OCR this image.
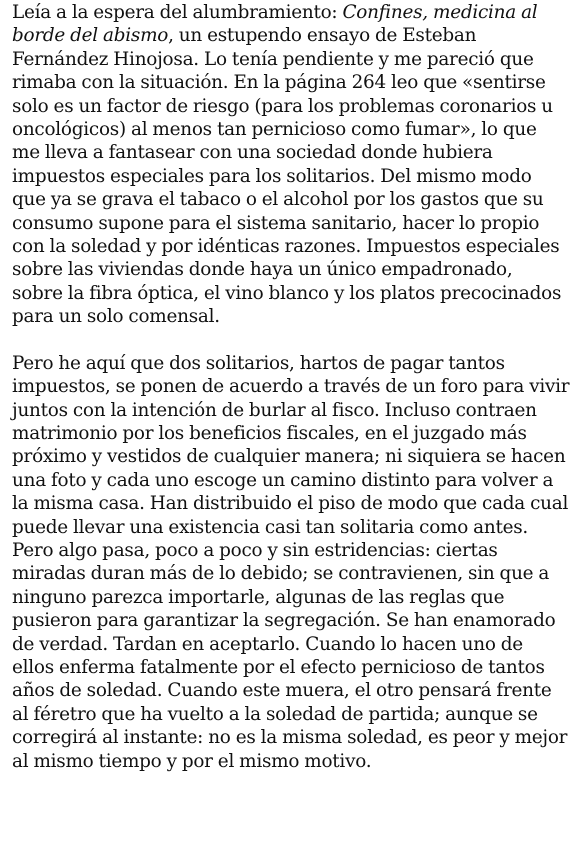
Leía a la espera del alumbramiento: Confines, medicina al
borde del abismo, un estupendo ensayo de Esteban
Fernández Hinojosa. Lo tenía pendiente y me pareció que
rimaba con la situación. En la página 264 leo que «sentirse
solo es un factor de riesgo (para los problemas coronarios u
oncológicos) al menos tan pernicioso como fumar», lo que
me lleva a fantasear con una sociedad donde hubiera
impuestos especiales para los solitarios. Del mismo modo
que ya se grava el tabaco o el alcohol por los gastos que su
consumo supone para el sistema sanitario, hacer lo propio
con la soledad y por idénticas razones. Impuestos especiales
sobre las viviendas donde haya un único empadronado,
sobre la fibra óptica, el vino blanco y los platos precocinados
para un solo comensal.

Pero he aquí que dos solitarios, hartos de pagar tantos
impuestos, se ponen de acuerdo a través de un foro para vivir
juntos con la intención de burlar al fisco. Incluso contraen
matrimonio por los beneficios fiscales, en el juzgado más
próximo y vestidos de cualquier manera; ni siquiera se hacen
una foto y cada uno escoge un camino distinto para volver a
la misma casa. Han distribuido el piso de modo que cada cual
puede llevar una existencia casi tan solitaria como antes.
Pero algo pasa, poco a poco y sin estridencias: ciertas
miradas duran más de lo debido; se contravienen, sin que a
ninguno parezca importarle, algunas de las reglas que
pusieron para garantizar la segregación. Se han enamorado
de verdad. Tardan en aceptarlo. Cuando lo hacen uno de
ellos enferma fatalmente por el efecto pernicioso de tantos
años de soledad. Cuando este muera, el otro pensará frente
al féretro que ha vuelto a la soledad de partida; aunque se
corregirá al instante: no es la misma soledad, es peor y mejor
al mismo tiempo y por el mismo motivo.
